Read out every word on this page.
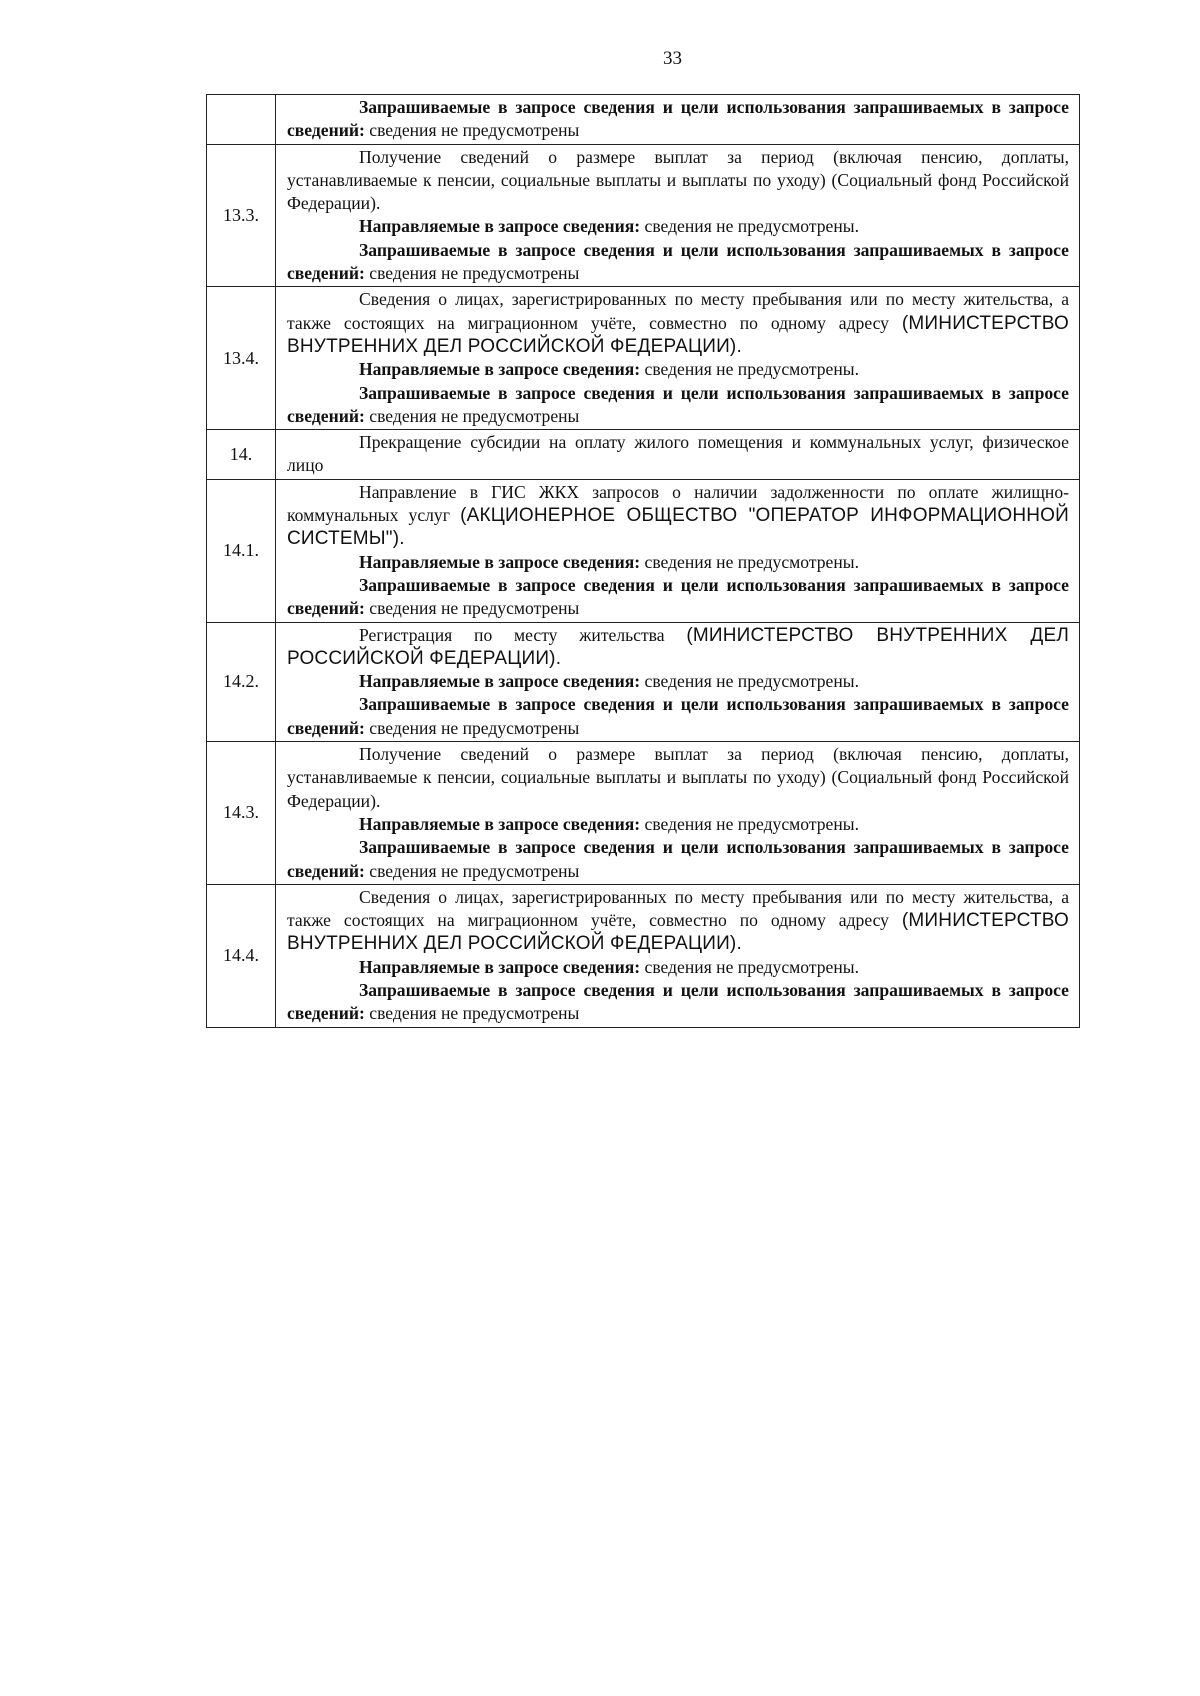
33

	Запрашиваемые в запросе сведения и цели использования запрашиваемых в запросе сведений: сведения не предусмотрены

13.3.	Получение сведений о размере выплат за период (включая пенсию, доплаты, устанавливаемые к пенсии, социальные выплаты и выплаты по уходу) (Социальный фонд Российской Федерации).

Направляемые в запросе сведения: сведения не предусмотрены.

Запрашиваемые в запросе сведения и цели использования запрашиваемых в запросе сведений: сведения не предусмотрены

13.4.	Сведения о лицах, зарегистрированных по месту пребывания или по месту жительства, а также состоящих на миграционном учёте, совместно по одному адресу (МИНИСТЕРСТВО ВНУТРЕННИХ ДЕЛ РОССИЙСКОЙ ФЕДЕРАЦИИ).

Направляемые в запросе сведения: сведения не предусмотрены.

Запрашиваемые в запросе сведения и цели использования запрашиваемых в запросе сведений: сведения не предусмотрены

14.	Прекращение субсидии на оплату жилого помещения и коммунальных услуг, физическое лицо

14.1.	Направление в ГИС ЖКХ запросов о наличии задолженности по оплате жилищно-коммунальных услуг (АКЦИОНЕРНОЕ ОБЩЕСТВО "ОПЕРАТОР ИНФОРМАЦИОННОЙ СИСТЕМЫ").

Направляемые в запросе сведения: сведения не предусмотрены.

Запрашиваемые в запросе сведения и цели использования запрашиваемых в запросе сведений: сведения не предусмотрены

14.2.	Регистрация по месту жительства (МИНИСТЕРСТВО ВНУТРЕННИХ ДЕЛ РОССИЙСКОЙ ФЕДЕРАЦИИ).

Направляемые в запросе сведения: сведения не предусмотрены.

Запрашиваемые в запросе сведения и цели использования запрашиваемых в запросе сведений: сведения не предусмотрены

14.3.	Получение сведений о размере выплат за период (включая пенсию, доплаты, устанавливаемые к пенсии, социальные выплаты и выплаты по уходу) (Социальный фонд Российской Федерации).

Направляемые в запросе сведения: сведения не предусмотрены.

Запрашиваемые в запросе сведения и цели использования запрашиваемых в запросе сведений: сведения не предусмотрены

14.4.	Сведения о лицах, зарегистрированных по месту пребывания или по месту жительства, а также состоящих на миграционном учёте, совместно по одному адресу (МИНИСТЕРСТВО ВНУТРЕННИХ ДЕЛ РОССИЙСКОЙ ФЕДЕРАЦИИ).

Направляемые в запросе сведения: сведения не предусмотрены.

Запрашиваемые в запросе сведения и цели использования запрашиваемых в запросе сведений: сведения не предусмотрены
